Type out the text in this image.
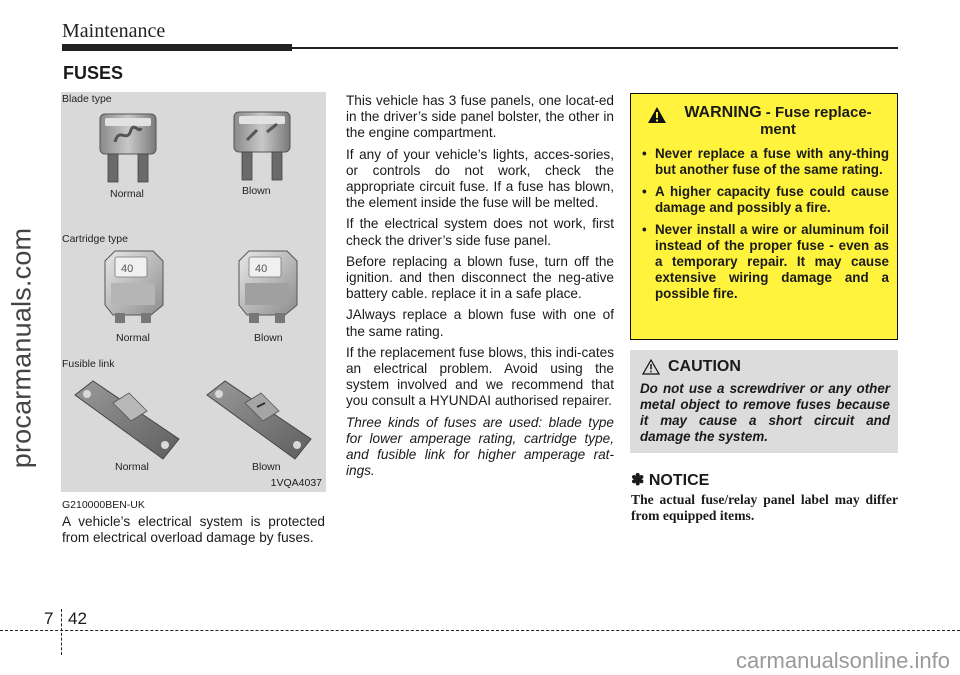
Maintenance
procarmanuals.com
FUSES
Blade type
Normal	Blown
Cartridge type
40
Normal
40
Blown
Fusible link
Normal	Blown
1VQA4037
G210000BEN-UK
A vehicle’s electrical system is protected from electrical overload damage by fuses.

This vehicle has 3 fuse panels, one locat-ed in the driver’s side panel bolster, the other in the engine compartment.

If any of your vehicle’s lights, acces-sories, or controls do not work, check the appropriate circuit fuse. If a fuse has blown, the element inside the fuse will be melted.

If the electrical system does not work, first check the driver’s side fuse panel.

Before replacing a blown fuse, turn off the ignition. and then disconnect the neg-ative battery cable. replace it in a safe place.

JAlways replace a blown fuse with one of the same rating.

If the replacement fuse blows, this indi-cates an electrical problem. Avoid using the system involved and we recommend that you consult a HYUNDAI authorised repairer.

Three kinds of fuses are used: blade type for lower amperage rating, cartridge type, and fusible link for higher amperage rat-ings.

WARNING - Fuse replace-ment
• Never replace a fuse with any-thing but another fuse of the same rating.
• A higher capacity fuse could cause damage and possibly a fire.
• Never install a wire or aluminum foil instead of the proper fuse - even as a temporary repair. It may cause extensive wiring damage and a possible fire.
CAUTION
Do not use a screwdriver or any other metal object to remove fuses because it may cause a short circuit and damage the system.
✽ NOTICE
The actual fuse/relay panel label may differ from equipped items.
7 42
carmanualsonline.info
